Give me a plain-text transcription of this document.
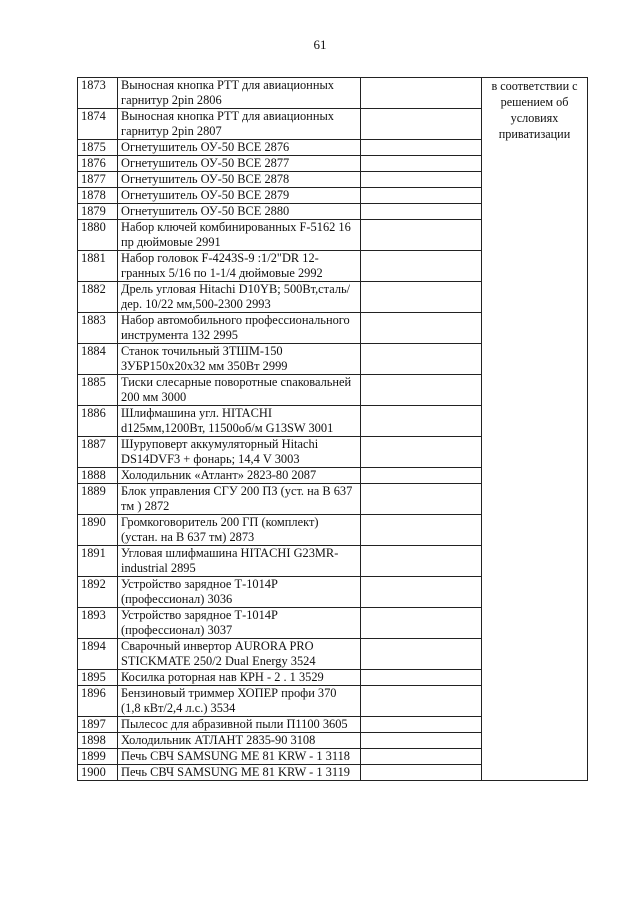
61
1873	Выносная кнопка PTT для авиационных гарнитур 2pin 2806		в соответствии с решением об условиях приватизации
1874	Выносная кнопка PTT для авиационных гарнитур 2pin 2807		
1875	Огнетушитель ОУ-50 ВСЕ 2876		
1876	Огнетушитель ОУ-50 ВСЕ 2877		
1877	Огнетушитель ОУ-50 ВСЕ 2878		
1878	Огнетушитель ОУ-50 ВСЕ 2879		
1879	Огнетушитель ОУ-50 ВСЕ 2880		
1880	Набор ключей комбинированных F-5162 16 пр дюймовые 2991		
1881	Набор головок F-4243S-9 :1/2"DR 12-гранных 5/16 по 1-1/4 дюймовые 2992		
1882	Дрель угловая Hitachi D10YB; 500Вт,сталь/дер. 10/22 мм,500-2300 2993		
1883	Набор автомобильного профессионального инструмента 132 2995		
1884	Станок точильный ЗТШМ-150 ЗУБР150х20х32 мм 350Вт 2999		
1885	Тиски слесарные поворотные сnаковальней 200 мм 3000		
1886	Шлифмашина угл. HITACHI d125мм,1200Вт, 11500об/м G13SW 3001		
1887	Шуруповерт аккумуляторный Hitachi DS14DVF3 + фонарь; 14,4 V 3003		
1888	Холодильник «Атлант» 2823-80 2087		
1889	Блок управления СГУ 200 ПЗ (уст. на В 637 тм ) 2872		
1890	Громкоговоритель 200 ГП (комплект) (устан. на В 637 тм) 2873		
1891	Угловая шлифмашина HITACHI G23MR-industrial 2895		
1892	Устройство зарядное Т-1014Р (профессионал) 3036		
1893	Устройство зарядное Т-1014Р (профессионал) 3037		
1894	Сварочный инвертор AURORA PRO STICKMATE 250/2 Dual Energy 3524		
1895	Косилка роторная нав КРН - 2 . 1 3529		
1896	Бензиновый триммер ХОПЕР профи 370 (1,8 кВт/2,4 л.с.) 3534		
1897	Пылесос для абразивной пыли П1100 3605		
1898	Холодильник АТЛАНТ 2835-90 3108		
1899	Печь СВЧ SAMSUNG ME 81 KRW - 1 3118		
1900	Печь СВЧ SAMSUNG ME 81 KRW - 1 3119		
